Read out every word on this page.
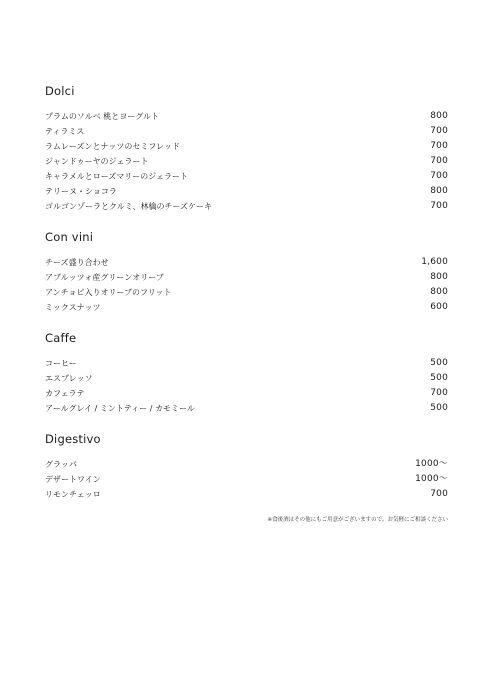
Dolci
プラムのソルベ 桃とヨーグルト	800
ティラミス	700
ラムレーズンとナッツのセミフレッド	700
ジャンドゥーヤのジェラート	700
キャラメルとローズマリーのジェラート	700
テリーヌ・ショコラ	800
ゴルゴンゾーラとクルミ、林檎のチーズケーキ	700
Con vini
チーズ盛り合わせ	1,600
アブルッツォ産グリーンオリーブ	800
アンチョビ入りオリーブのフリット	800
ミックスナッツ	600
Caffe
コーヒー	500
エスプレッソ	500
カフェラテ	700
アールグレイ / ミントティー / カモミール	500
Digestivo
グラッパ	1000～
デザートワイン	1000～
リモンチェッロ	700
※食後酒はその他にもご用意がございますので、お気軽にご相談ください
